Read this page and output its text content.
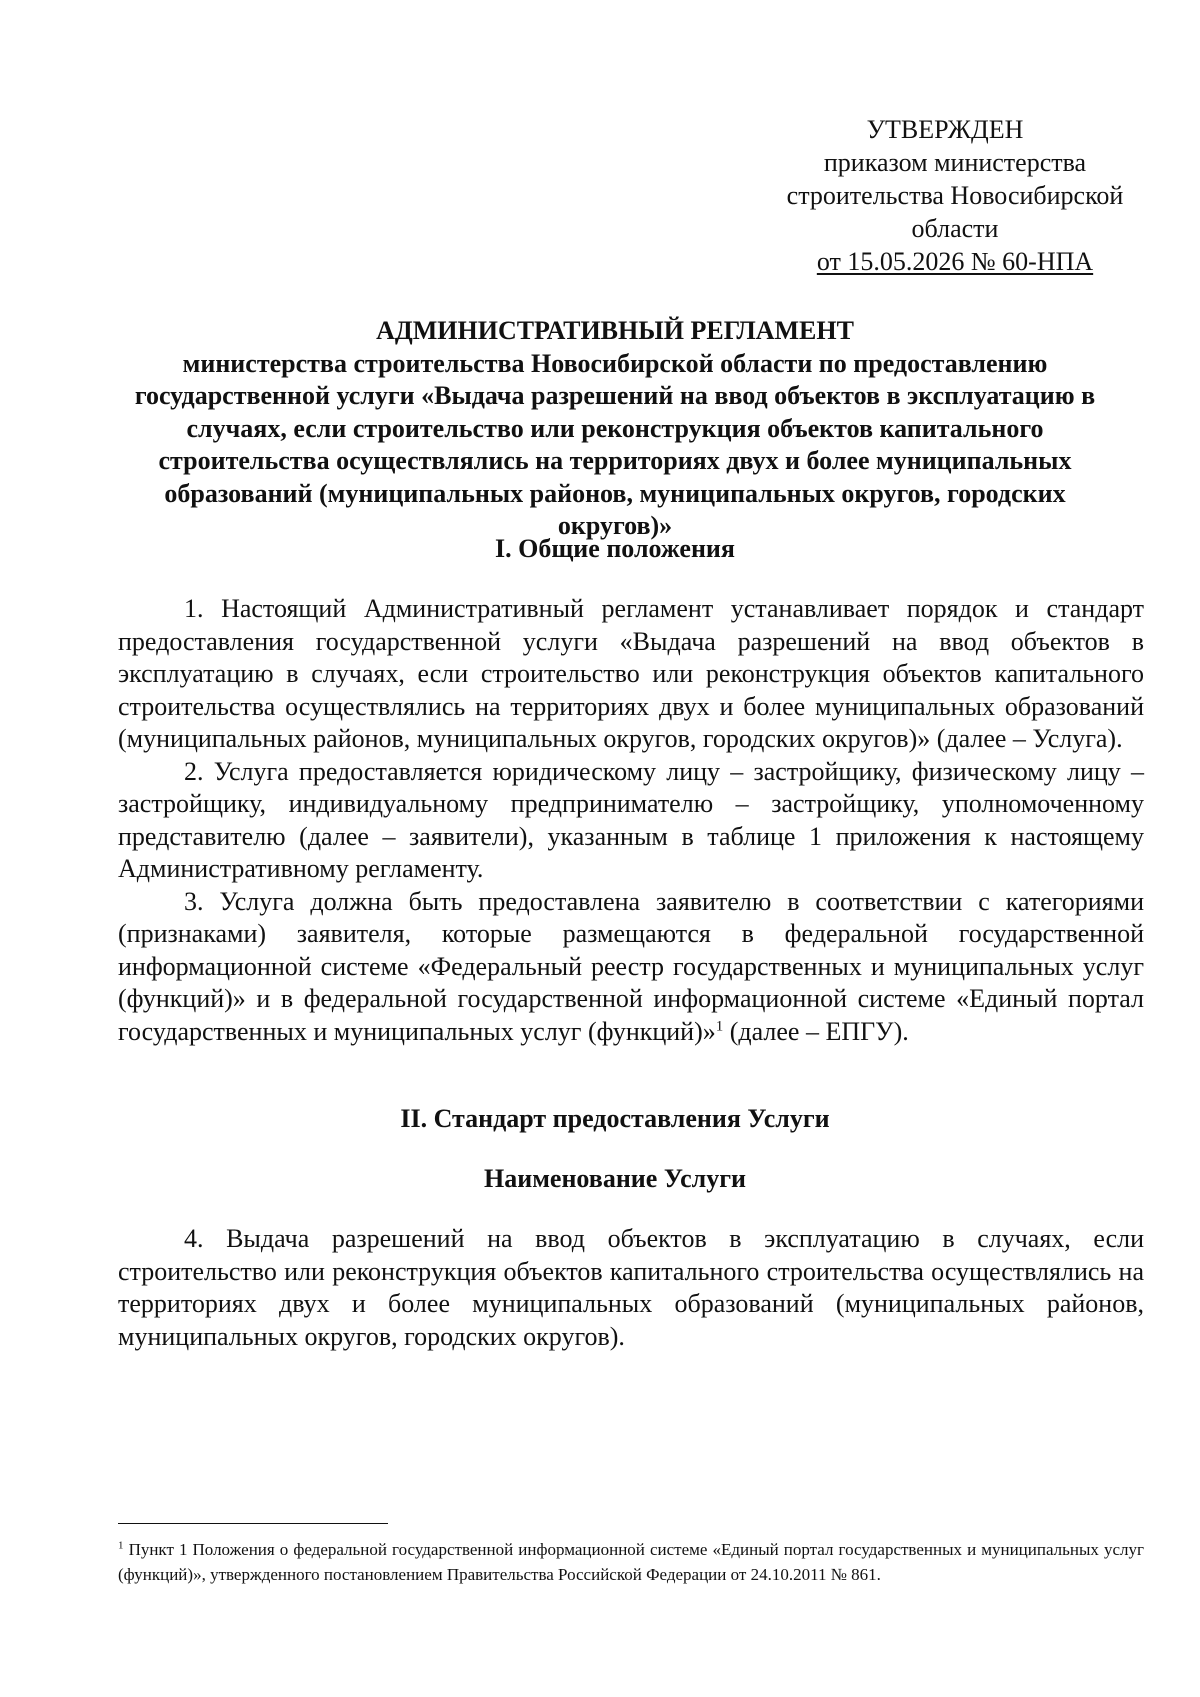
УТВЕРЖДЕН
приказом министерства
строительства Новосибирской
области
от 15.05.2026 № 60-НПА
АДМИНИСТРАТИВНЫЙ РЕГЛАМЕНТ
министерства строительства Новосибирской области по предоставлению государственной услуги «Выдача разрешений на ввод объектов в эксплуатацию в случаях, если строительство или реконструкция объектов капитального строительства осуществлялись на территориях двух и более муниципальных образований (муниципальных районов, муниципальных округов, городских округов)»
I. Общие положения

1. Настоящий Административный регламент устанавливает порядок и стандарт предоставления государственной услуги «Выдача разрешений на ввод объектов в эксплуатацию в случаях, если строительство или реконструкция объектов капитального строительства осуществлялись на территориях двух и более муниципальных образований (муниципальных районов, муниципальных округов, городских округов)» (далее – Услуга).

2. Услуга предоставляется юридическому лицу – застройщику, физическому лицу – застройщику, индивидуальному предпринимателю – застройщику, уполномоченному представителю (далее – заявители), указанным в таблице 1 приложения к настоящему Административному регламенту.

3. Услуга должна быть предоставлена заявителю в соответствии с категориями (признаками) заявителя, которые размещаются в федеральной государственной информационной системе «Федеральный реестр государственных и муниципальных услуг (функций)» и в федеральной государственной информационной системе «Единый портал государственных и муниципальных услуг (функций)»$^1$ (далее – ЕПГУ).

II. Стандарт предоставления Услуги
Наименование Услуги

4. Выдача разрешений на ввод объектов в эксплуатацию в случаях, если строительство или реконструкция объектов капитального строительства осуществлялись на территориях двух и более муниципальных образований (муниципальных районов, муниципальных округов, городских округов).

$^1$ Пункт 1 Положения о федеральной государственной информационной системе «Единый портал государственных и муниципальных услуг (функций)», утвержденного постановлением Правительства Российской Федерации от 24.10.2011 № 861.
